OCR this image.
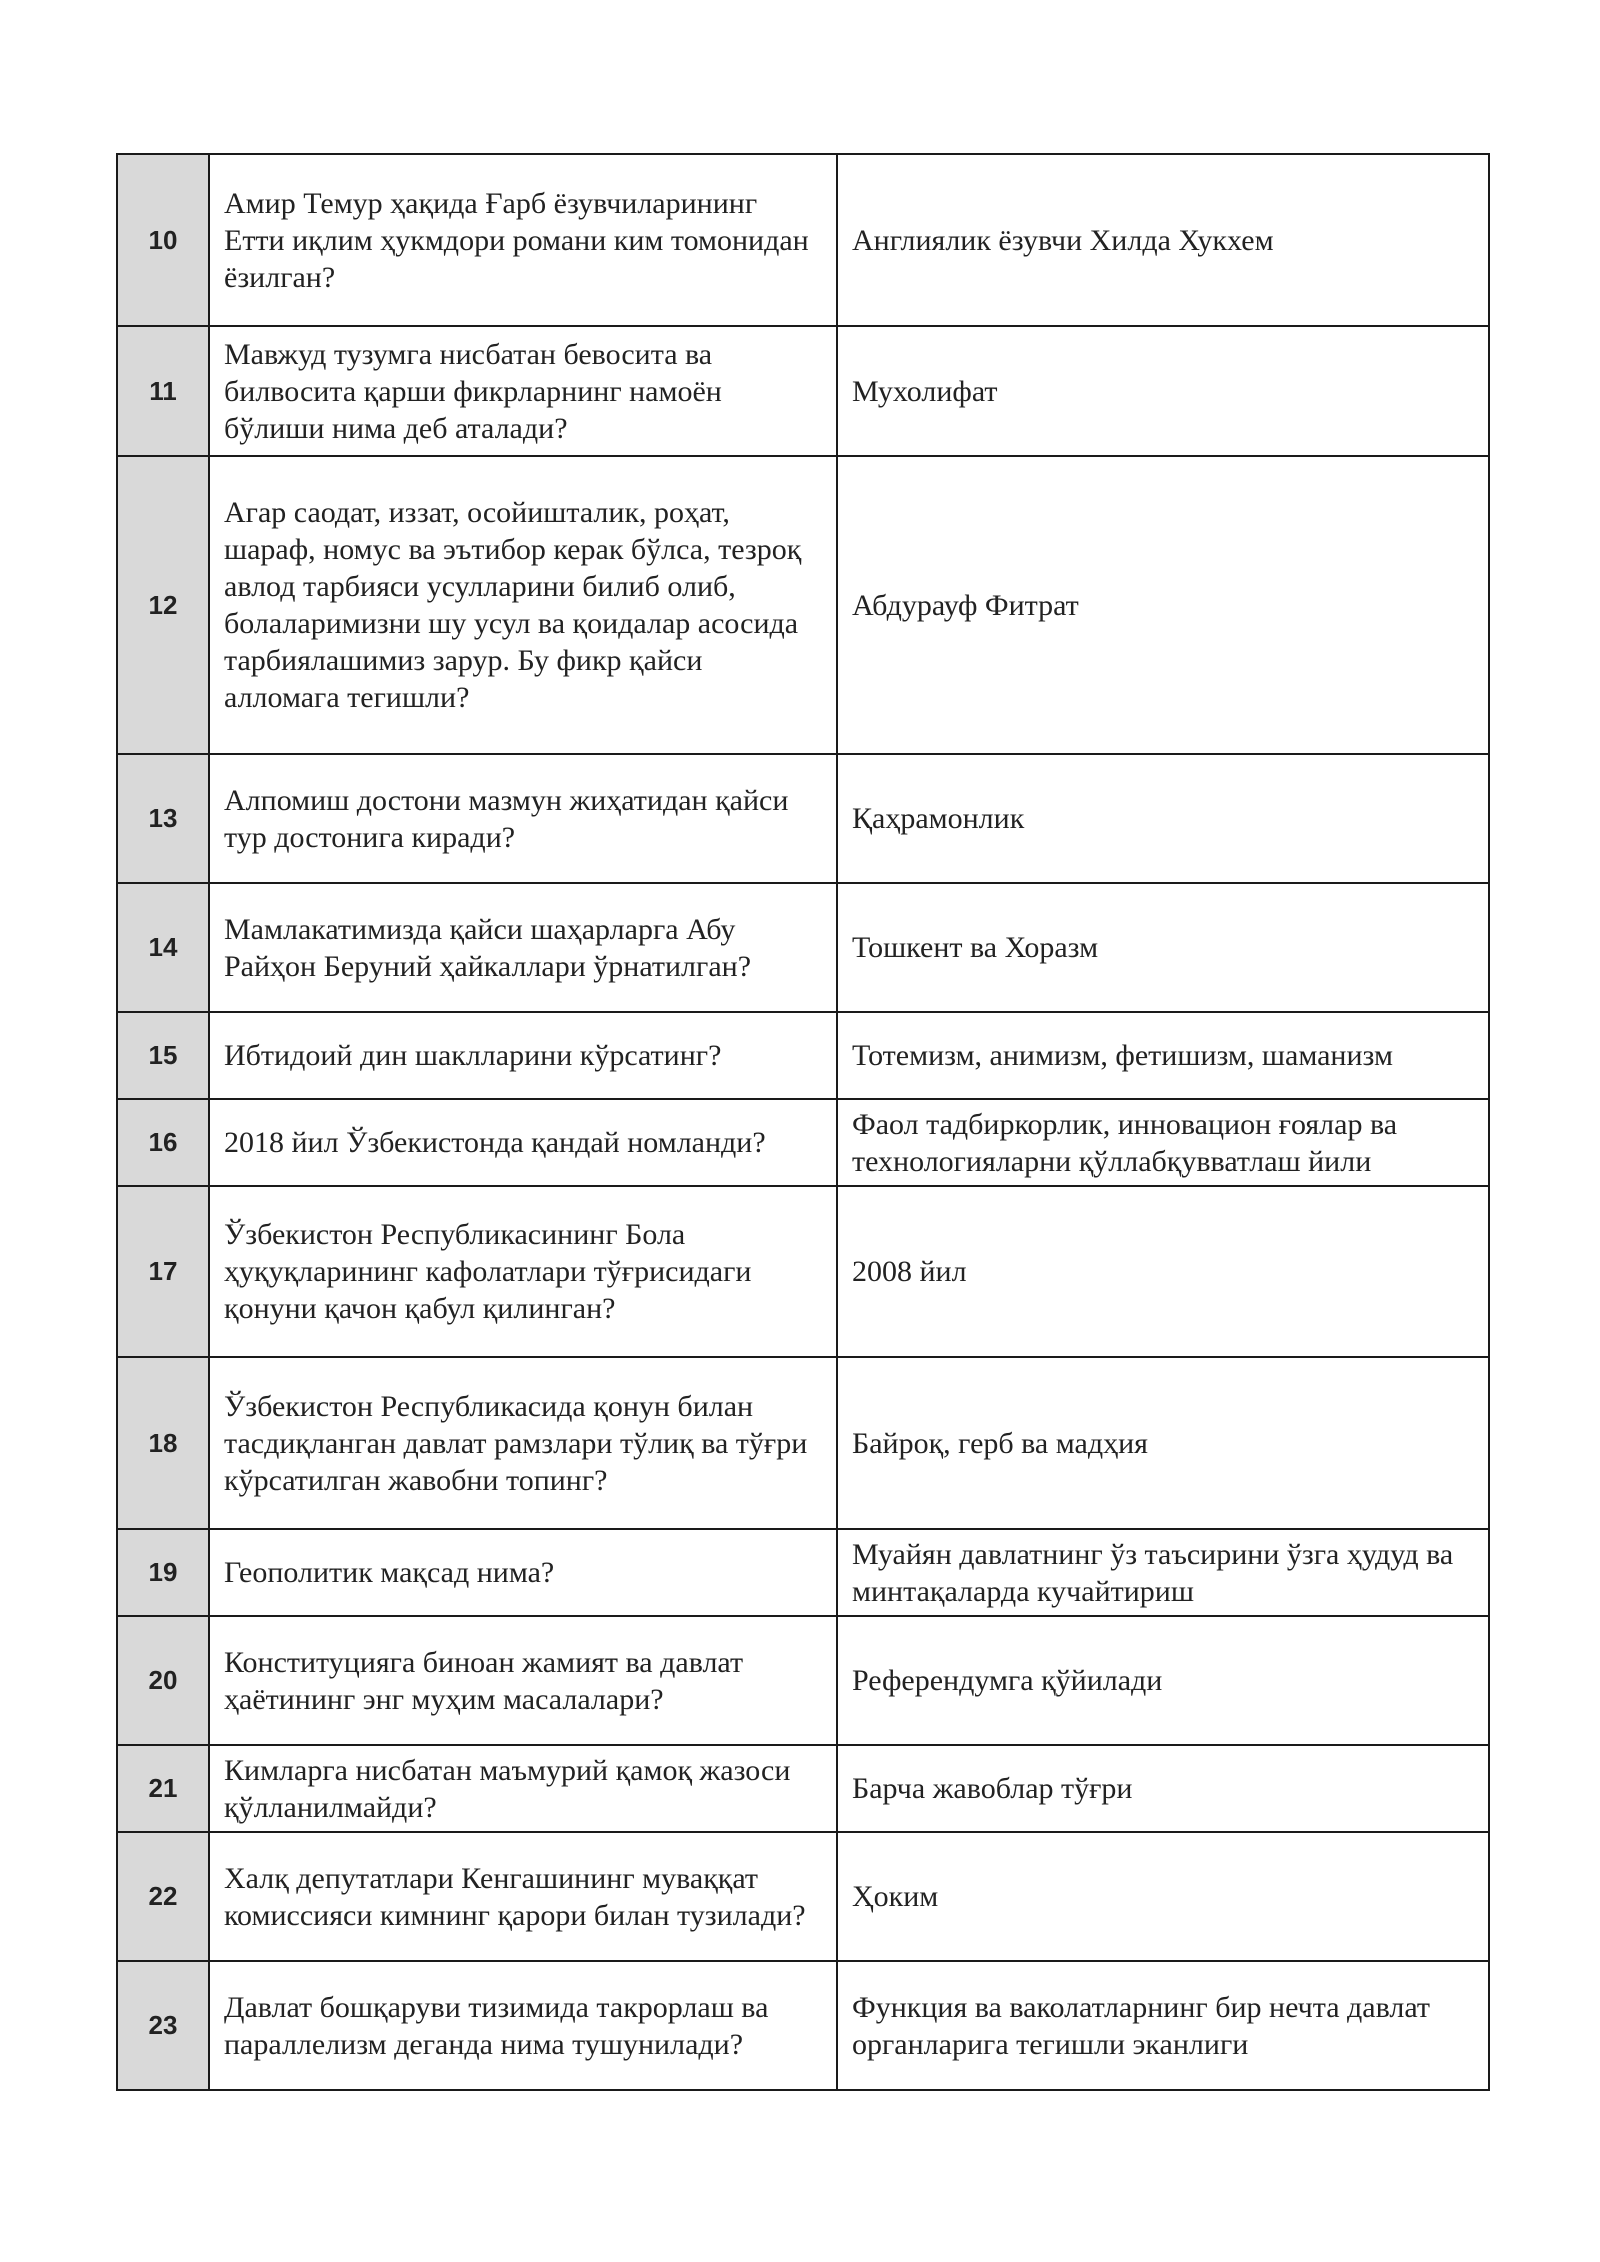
10	Амир Темур ҳақида Ғарб ёзувчиларининг Етти иқлим ҳукмдори романи ким томонидан ёзилган?	Англиялик ёзувчи Хилда Хукхем
11	Мавжуд тузумга нисбатан бевосита ва билвосита қарши фикрларнинг намоён бўлиши нима деб аталади?	Мухолифат
12	Агар саодат, иззат, осойишталик, роҳат, шараф, номус ва эътибор керак бўлса, тезроқ авлод тарбияси усулларини билиб олиб, болаларимизни шу усул ва қоидалар асосида тарбиялашимиз зарур. Бу фикр қайси алломага тегишли?	Абдурауф Фитрат
13	Алпомиш достони мазмун жиҳатидан қайси тур достонига киради?	Қаҳрамонлик
14	Мамлакатимизда қайси шаҳарларга Абу Райҳон Беруний ҳайкаллари ўрнатилган?	Тошкент ва Хоразм
15	Ибтидоий дин шаклларини кўрсатинг?	Тотемизм, анимизм, фетишизм, шаманизм
16	2018 йил Ўзбекистонда қандай номланди?	Фаол тадбиркорлик, инновацион ғоялар ва технологияларни қўллабқувватлаш йили
17	Ўзбекистон Республикасининг Бола ҳуқуқларининг кафолатлари тўғрисидаги қонуни қачон қабул қилинган?	2008 йил
18	Ўзбекистон Республикасида қонун билан тасдиқланган давлат рамзлари тўлиқ ва тўғри кўрсатилган жавобни топинг?	Байроқ, герб ва мадҳия
19	Геополитик мақсад нима?	Муайян давлатнинг ўз таъсирини ўзга ҳудуд ва минтақаларда кучайтириш
20	Конституцияга биноан жамият ва давлат ҳаётининг энг муҳим масалалари?	Референдумга қўйилади
21	Кимларга нисбатан маъмурий қамоқ жазоси қўлланилмайди?	Барча жавоблар тўғри
22	Халқ депутатлари Кенгашининг муваққат комиссияси кимнинг қарори билан тузилади?	Ҳоким
23	Давлат бошқаруви тизимида такрорлаш ва параллелизм деганда нима тушунилади?	Функция ва ваколатларнинг бир нечта давлат органларига тегишли эканлиги
